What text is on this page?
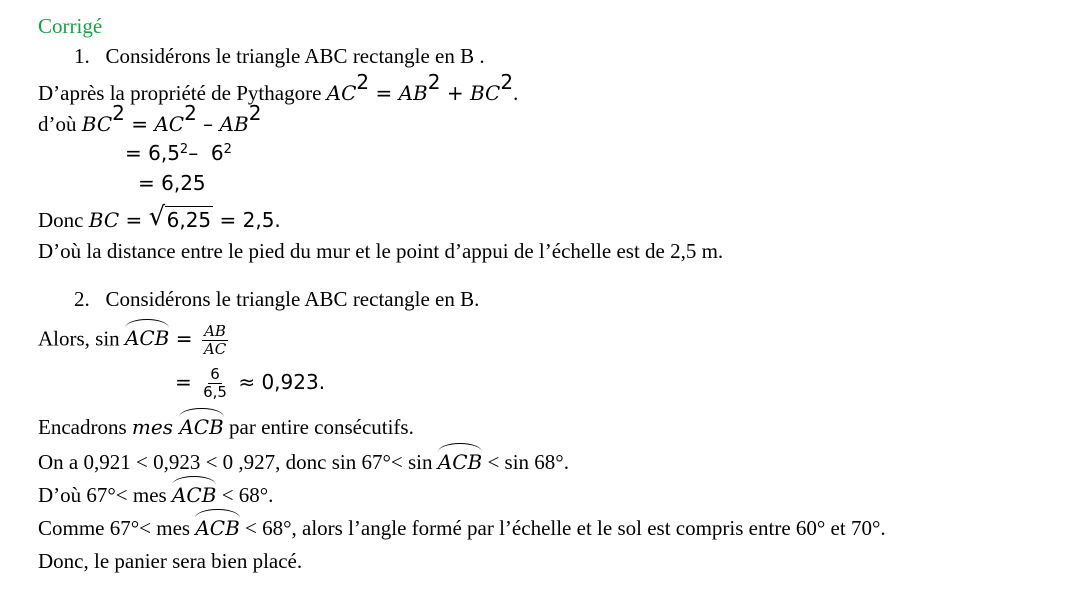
Corrigé
1. Considérons le triangle ABC rectangle en B .
D’après la propriété de Pythagore $AC^2 = AB^2 + BC^2$.
d’où $BC^2 = AC^2 - AB^2$
= $6,5^2-$  $6^2$
= 6,25
Donc BC = √ 6,25 = 2,5.
D’où la distance entre le pied du mur et le point d’appui de l’échelle est de 2,5 m.
2. Considérons le triangle ABC rectangle en B.
Alors, sin ACB = $\frac{AB}{AC}$
= $\frac{6}{6,5} \approx 0,923$.
Encadrons mes ACB par entire consécutifs.
On a 0,921 < 0,923 < 0 ,927, donc sin 67°< sin ACB < sin 68°.
D’où 67°< mes ACB < 68°.
Comme 67°< mes ACB < 68°, alors l’angle formé par l’échelle et le sol est compris entre 60° et 70°.
Donc, le panier sera bien placé.
